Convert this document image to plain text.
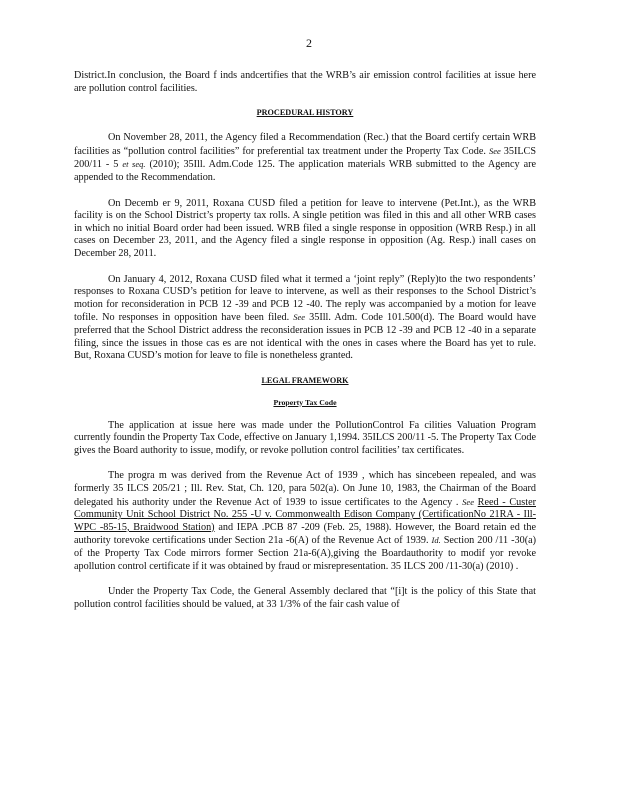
2

District.In conclusion, the Board f inds andcertifies that the WRB’s air emission control facilities at issue here are pollution control facilities.

PROCEDURAL HISTORY

On November 28, 2011, the Agency filed a Recommendation (Rec.) that the Board certify certain WRB facilities as “pollution control facilities” for preferential tax treatment under the Property Tax Code. See 35ILCS 200/11 - 5 et seq. (2010); 35Ill. Adm.Code 125. The application materials WRB submitted to the Agency are appended to the Recommendation.

On Decemb er 9, 2011, Roxana CUSD filed a petition for leave to intervene (Pet.Int.), as the WRB facility is on the School District’s property tax rolls. A single petition was filed in this and all other WRB cases in which no initial Board order had been issued. WRB filed a single response in opposition (WRB Resp.) in all cases on December 23, 2011, and the Agency filed a single response in opposition (Ag. Resp.) inall cases on December 28, 2011.

On January 4, 2012, Roxana CUSD filed what it termed a ‘joint reply” (Reply)to the two respondents’ responses to Roxana CUSD’s petition for leave to intervene, as well as their responses to the School District’s motion for reconsideration in PCB 12 -39 and PCB 12 -40. The reply was accompanied by a motion for leave tofile. No responses in opposition have been filed. See 35Ill. Adm. Code 101.500(d). The Board would have preferred that the School District address the reconsideration issues in PCB 12 -39 and PCB 12 -40 in a separate filing, since the issues in those cas es are not identical with the ones in cases where the Board has yet to rule. But, Roxana CUSD’s motion for leave to file is nonetheless granted.

LEGAL FRAMEWORK
Property Tax Code

The application at issue here was made under the PollutionControl Fa cilities Valuation Program currently foundin the Property Tax Code, effective on January 1,1994. 35ILCS 200/11 -5. The Property Tax Code gives the Board authority to issue, modify, or revoke pollution control facilities’ tax certificates.

The progra m was derived from the Revenue Act of 1939 , which has sincebeen repealed, and was formerly 35 ILCS 205/21 ; Ill. Rev. Stat, Ch. 120, para 502(a). On June 10, 1983, the Chairman of the Board delegated his authority under the Revenue Act of 1939 to issue certificates to the Agency . See Reed - Custer Community Unit School District No. 255 -U v. Commonwealth Edison Company (CertificationNo 21RA - Ill-WPC -85-15, Braidwood Station) and IEPA .PCB 87 -209 (Feb. 25, 1988). However, the Board retain ed the authority torevoke certifications under Section 21a -6(A) of the Revenue Act of 1939. Id. Section 200 /11 -30(a) of the Property Tax Code mirrors former Section 21a-6(A),giving the Boardauthority to modif yor revoke apollution control certificate if it was obtained by fraud or misrepresentation. 35 ILCS 200 /11-30(a) (2010) .

Under the Property Tax Code, the General Assembly declared that “[i]t is the policy of this State that pollution control facilities should be valued, at 33 1/3% of the fair cash value of
